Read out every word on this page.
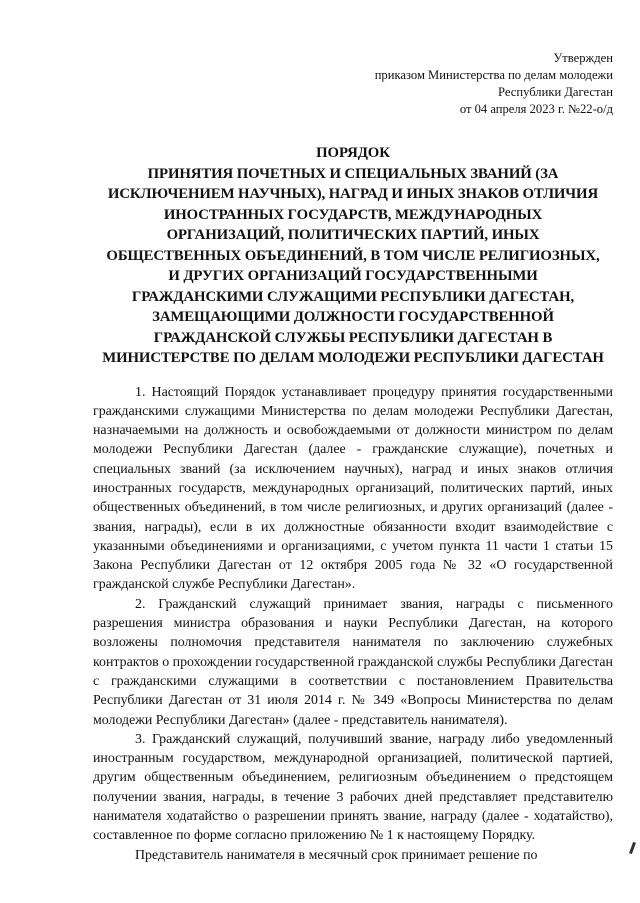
Утвержден
приказом Министерства по делам молодежи
Республики Дагестан
от 04 апреля 2023 г. №22-о/д
ПОРЯДОК
ПРИНЯТИЯ ПОЧЕТНЫХ И СПЕЦИАЛЬНЫХ ЗВАНИЙ (ЗА
ИСКЛЮЧЕНИЕМ НАУЧНЫХ), НАГРАД И ИНЫХ ЗНАКОВ ОТЛИЧИЯ
ИНОСТРАННЫХ ГОСУДАРСТВ, МЕЖДУНАРОДНЫХ
ОРГАНИЗАЦИЙ, ПОЛИТИЧЕСКИХ ПАРТИЙ, ИНЫХ
ОБЩЕСТВЕННЫХ ОБЪЕДИНЕНИЙ, В ТОМ ЧИСЛЕ РЕЛИГИОЗНЫХ,
И ДРУГИХ ОРГАНИЗАЦИЙ ГОСУДАРСТВЕННЫМИ
ГРАЖДАНСКИМИ СЛУЖАЩИМИ РЕСПУБЛИКИ ДАГЕСТАН,
ЗАМЕЩАЮЩИМИ ДОЛЖНОСТИ ГОСУДАРСТВЕННОЙ
ГРАЖДАНСКОЙ СЛУЖБЫ РЕСПУБЛИКИ ДАГЕСТАН В
МИНИСТЕРСТВЕ ПО ДЕЛАМ МОЛОДЕЖИ РЕСПУБЛИКИ ДАГЕСТАН

1. Настоящий Порядок устанавливает процедуру принятия государственными гражданскими служащими Министерства по делам молодежи Республики Дагестан, назначаемыми на должность и освобождаемыми от должности министром по делам молодежи Республики Дагестан (далее - гражданские служащие), почетных и специальных званий (за исключением научных), наград и иных знаков отличия иностранных государств, международных организаций, политических партий, иных общественных объединений, в том числе религиозных, и других организаций (далее - звания, награды), если в их должностные обязанности входит взаимодействие с указанными объединениями и организациями, с учетом пункта 11 части 1 статьи 15 Закона Республики Дагестан от 12 октября 2005 года № 32 «О государственной гражданской службе Республики Дагестан».

2. Гражданский служащий принимает звания, награды с письменного разрешения министра образования и науки Республики Дагестан, на которого возложены полномочия представителя нанимателя по заключению служебных контрактов о прохождении государственной гражданской службы Республики Дагестан с гражданскими служащими в соответствии с постановлением Правительства Республики Дагестан от 31 июля 2014 г. № 349 «Вопросы Министерства по делам молодежи Республики Дагестан» (далее - представитель нанимателя).

3. Гражданский служащий, получивший звание, награду либо уведомленный иностранным государством, международной организацией, политической партией, другим общественным объединением, религиозным объединением о предстоящем получении звания, награды, в течение 3 рабочих дней представляет представителю нанимателя ходатайство о разрешении принять звание, награду (далее - ходатайство), составленное по форме согласно приложению № 1 к настоящему Порядку.

Представитель нанимателя в месячный срок принимает решение по
